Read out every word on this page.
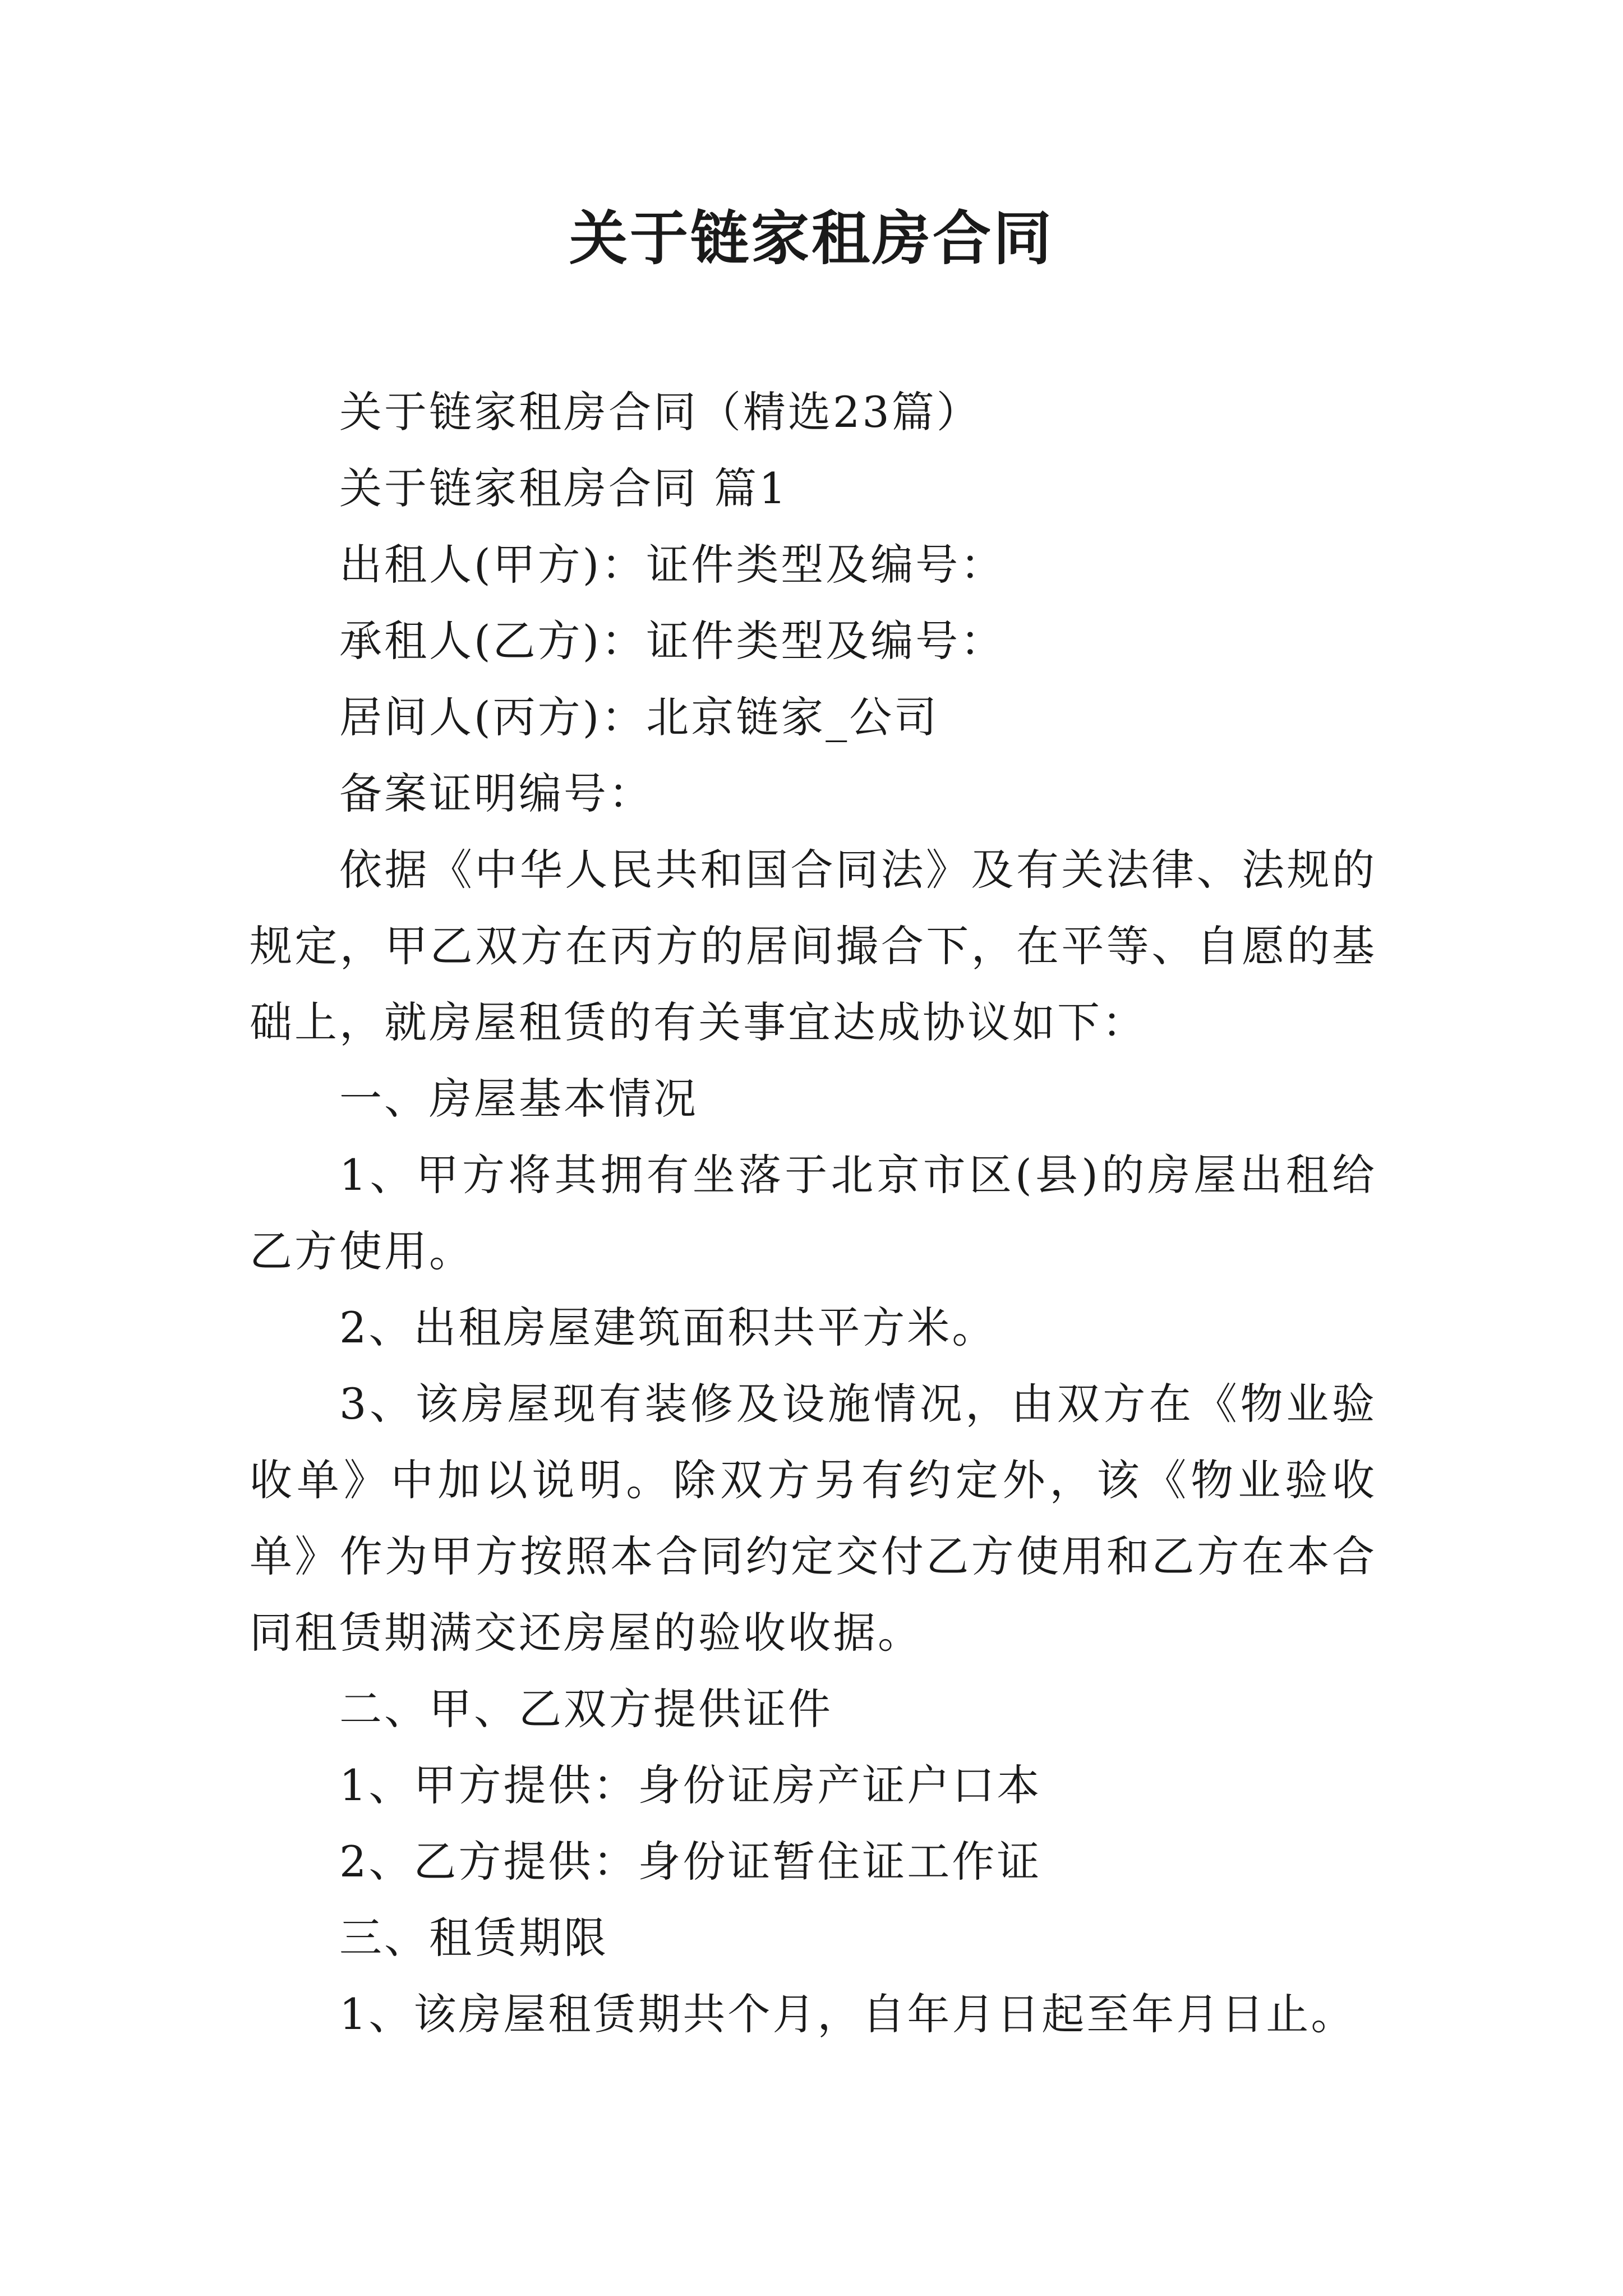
关于链家租房合同

关于链家租房合同（精选23篇）

关于链家租房合同 篇1

出租人(甲方)：证件类型及编号：

承租人(乙方)：证件类型及编号：

居间人(丙方)：北京链家_公司

备案证明编号：

依据《中华人民共和国合同法》及有关法律、法规的规定，甲乙双方在丙方的居间撮合下，在平等、自愿的基础上，就房屋租赁的有关事宜达成协议如下：

一、房屋基本情况

1、甲方将其拥有坐落于北京市区(县)的房屋出租给乙方使用。

2、出租房屋建筑面积共平方米。

3、该房屋现有装修及设施情况，由双方在《物业验收单》中加以说明。除双方另有约定外，该《物业验收单》作为甲方按照本合同约定交付乙方使用和乙方在本合同租赁期满交还房屋的验收收据。

二、甲、乙双方提供证件

1、甲方提供：身份证房产证户口本

2、乙方提供：身份证暂住证工作证

三、租赁期限

1、该房屋租赁期共个月，自年月日起至年月日止。
